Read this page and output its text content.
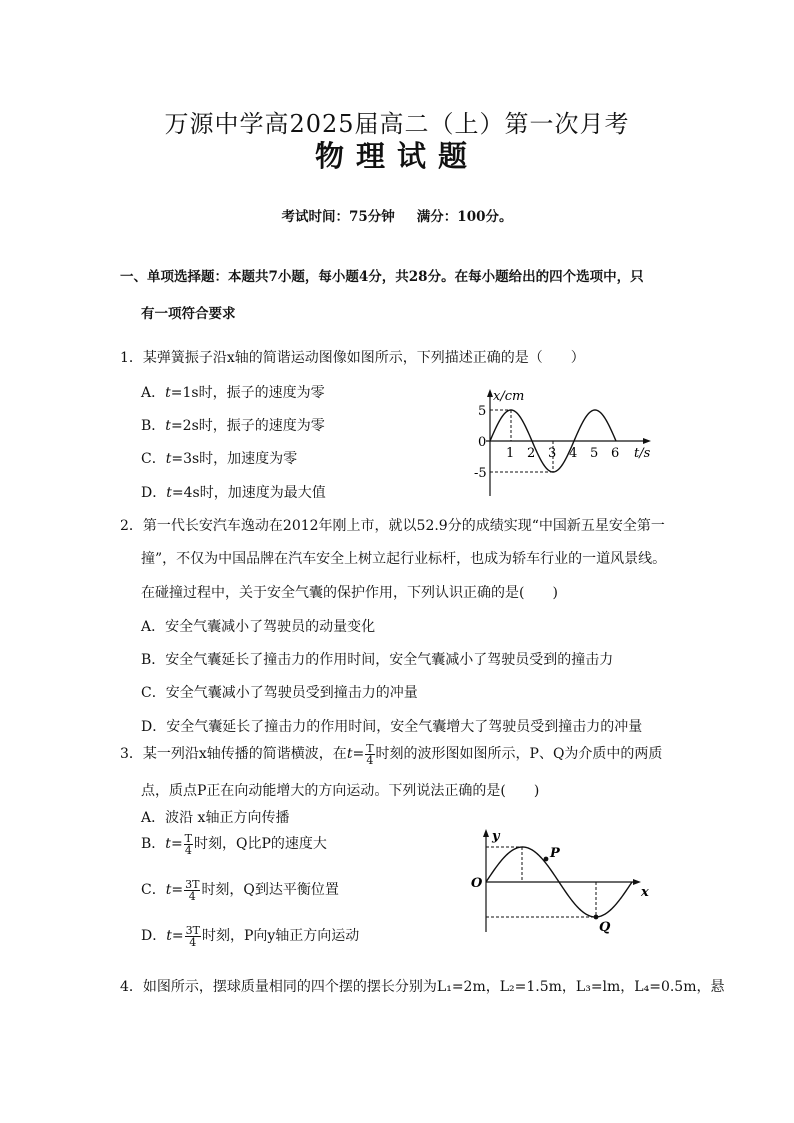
万源中学高2025届高二（上）第一次月考
物理试题
考试时间：75分钟 满分：100分。
一、单项选择题：本题共7小题，每小题4分，共28分。在每小题给出的四个选项中，只
有一项符合要求
1．某弹簧振子沿x轴的简谐运动图像如图所示，下列描述正确的是（　　）
A．t=1s时，振子的速度为零
B．t=2s时，振子的速度为零
C．t=3s时，加速度为零
D．t=4s时，加速度为最大值
x/cm
5
0
-5
1 2 3 4 5 6 t/s
2．第一代长安汽车逸动在2012年刚上市，就以52.9分的成绩实现“中国新五星安全第一
撞”，不仅为中国品牌在汽车安全上树立起行业标杆，也成为轿车行业的一道风景线。
在碰撞过程中，关于安全气囊的保护作用，下列认识正确的是(　　)
A．安全气囊减小了驾驶员的动量变化
B．安全气囊延长了撞击力的作用时间，安全气囊减小了驾驶员受到的撞击力
C．安全气囊减小了驾驶员受到撞击力的冲量
D．安全气囊延长了撞击力的作用时间，安全气囊增大了驾驶员受到撞击力的冲量
3．某一列沿x轴传播的简谐横波，在$t= \frac{T}{4}$ 时刻的波形图如图所示，P、Q为介质中的两质
点，质点P正在向动能增大的方向运动。下列说法正确的是(　　)
A．波沿 x轴正方向传播
B．$t= \frac{T}{4}$ 时刻，Q比P的速度大
C．$t= \frac{3T}{4}$ 时刻，Q到达平衡位置
D．$t= \frac{3T}{4}$ 时刻，P向y轴正方向运动
y
O
x
P
Q
4．如图所示，摆球质量相同的四个摆的摆长分别为L₁=2m，L₂=1.5m，L₃=lm，L₄=0.5m，悬
